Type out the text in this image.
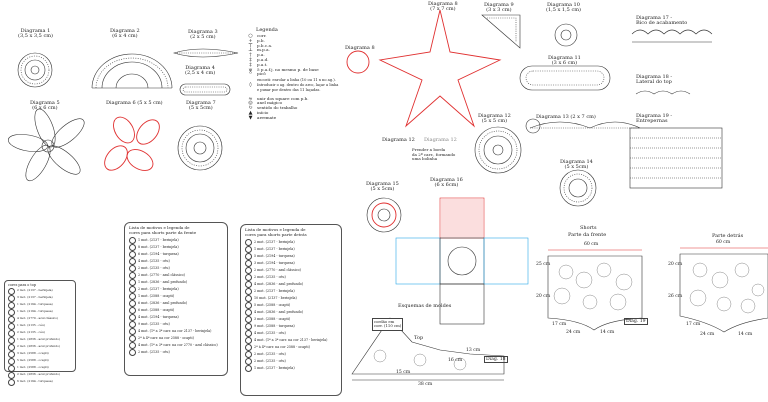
Diagrama 1
(3,5 x 3,5 cm)
Diagrama 2
(6 x 4 cm)
Diagrama 3
(2 x 5 cm)
Diagrama 4
(2,5 x 4 cm)
Diagrama 5
(6 x 6 cm)
Diagrama 6 (5 x 5 cm)	Diagrama 7
(5 x 5cm)
Diagrama 8
(7 x 7 cm)
Diagrama 8
Diagrama 9
(3 x 3 cm)
Diagrama 10
(1,5 x 1,5 cm)
Diagrama 11
(3 x 6 cm)
Diagrama 12
(5 x 5 cm)
Diagrama 12 Diagrama 12
Prender a borda
da 2ª carr., formando
uma bolinha
Diagrama 13 (2 x 7 cm)
Diagrama 14
(5 x 5cm)
Diagrama 15
(5 x 5cm)
Diagrama 16
(6 x 6cm)
Diagrama 17 -
Bico de acabamento
Diagrama 18 -
Lateral do top
Diagrama 19 -
Entrepernas
Legenda
○	corr.
+	p.b.
⊤	p.b.c.a.
⊥	m.p.a.
†	p.a.
‡	p.a.d.
‡	p.a.t.
ψ	5 p.a.f.j. no mesmo p. de base
ᴼ	picô
◊
encosti: enrolar a linha (10 ou 11 x no ag.). Introduzir o ag. dentro do arco, laçar a linha e puxar por dentro das 11 laçadas.
≈	unir dos square com p.b.
◎	anel mágico
↻	sentido do trabalho
▲	início
▼	arremate
Lista de motivos e legenda de
cores para shorts parte da frente
1 mot. (2137 - berinjela)
8 mot. (2137 - berinjela)
6 mot. (2194 - turquesa)
4 mot. (2135 - céu)
2 mot. (2135 - céu)
2 mot. (2770 - azul clássico)
1 mot. (2836 - azul profundo)
2 mot. (2137 - berinjela)
1 mot. (2588 - ocapti)
6 mot. (2836 - azul profundo)
6 mot. (2588 - ocapti)
4 mot. (2194 - turquesa)
9 mot. (2135 - céu)
4 mot. (1ª a 3ª carr. na cor 2137 - berinjela)
2ª à 4ª carr. na cor 2588 - ocapti)
4 mot. (1ª a 3ª carr. na cor 2770 - azul clássico)
2 mot. (2135 - céu)
Lista de motivos e legenda de
cores para shorts parte detrás
2 mot. (2137 - berinjela)
1 mot. (2137 - berinjela)
5 mot. (2194 - turquesa)
3 mot. (2194 - turquesa)
2 mot. (2770 - azul clássico)
2 mot. (2135 - céu)
4 mot. (2836 - azul profundo)
2 mot. (2137 - berinjela)
10 mot. (2137 - berinjela)
5 mot. (2588 - ocapti)
4 mot. (2836 - azul profundo)
3 mot. (2588 - ocapti)
9 mot. (2588 - turquesa)
4 mot. (2135 - céu)
4 mot. (1ª a 3ª carr. na cor 2137 - berinjela)
2ª à 4ª carr. na cor 2588 - ocapti)
2 mot. (2135 - céu)
2 mot. (2135 - céu)
1 mot. (2137 - berinjela)
cores para o top
2 mot. (2137 - berinjela)
3 mot. (2137 - berinjela)
1 mot. (2194 - turquesa)
1 mot. (2194 - turquesa)
4 mot. (2770 - azul clássico)
1 mot. (2135 - céu)
2 mot. (2135 - céu)
1 mot. (2836 - azul profundo)
2 mot. (2836 - azul profundo)
3 mot. (2588 - ocapti)
5 mot. (2588 - ocapti)
1 mot. (2588 - ocapti)
2 mot. (2836 - azul profundo)
6 mot. (2194 - turquesa)
Esquemas de moldes
Top
cordão em
corr. (110 cm)
15 cm
16 cm
13 cm
38 cm
Diag. 18
Shorts
Parte da frente	Parte detrás
60 cm	60 cm
25 cm
20 cm
20 cm
26 cm
17 cm
24 cm	14 cm
17 cm
24 cm	14 cm
Diag. 19
